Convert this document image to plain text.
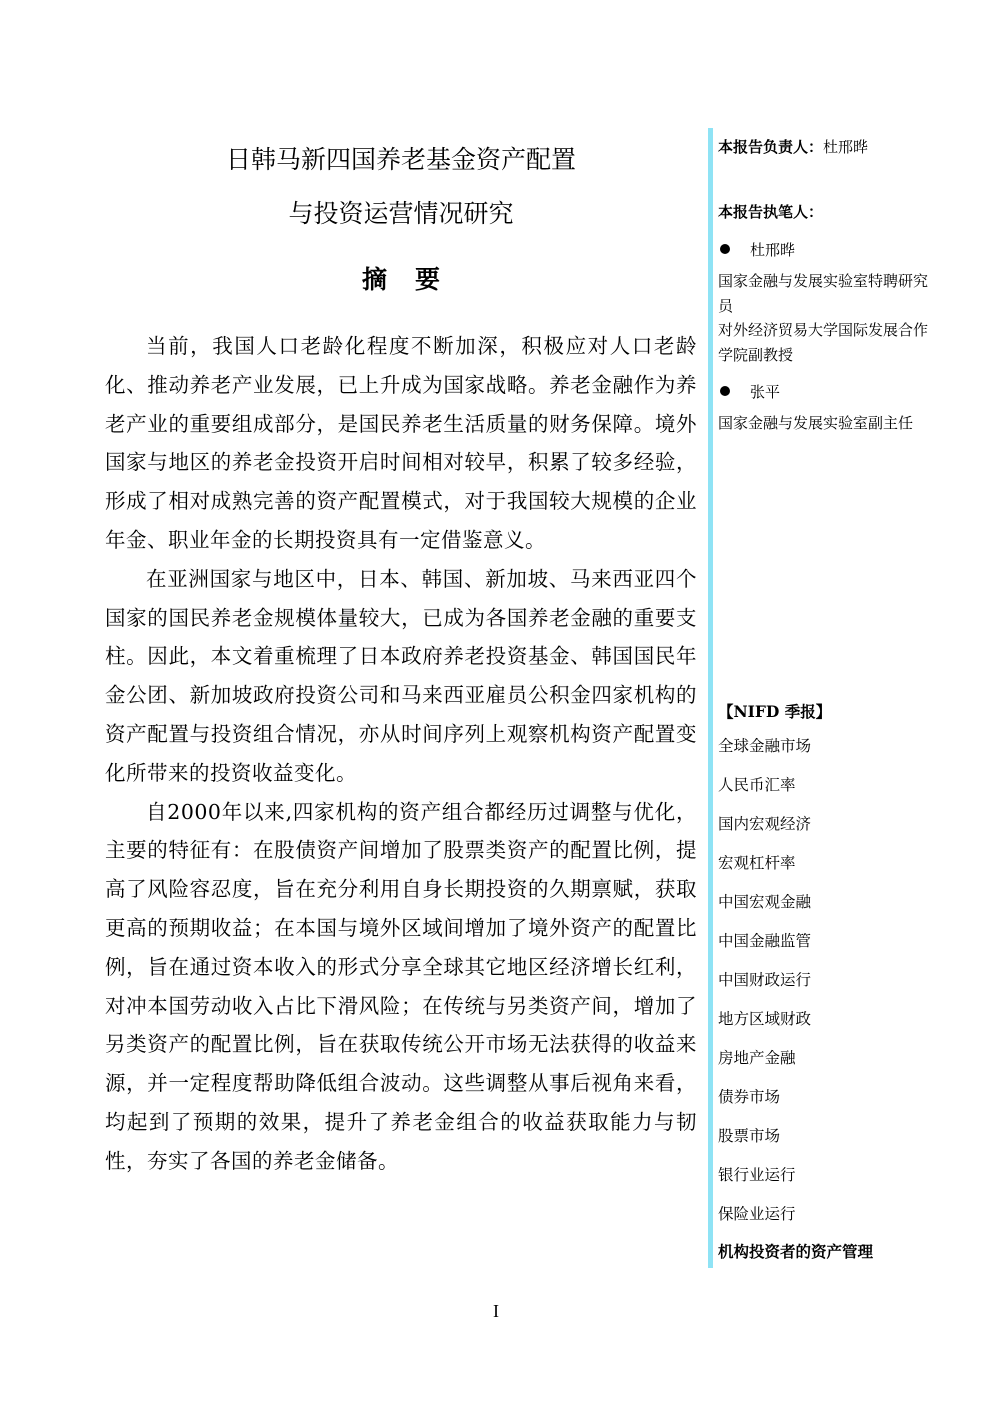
日韩马新四国养老基金资产配置
与投资运营情况研究
摘要

当前，我国人口老龄化程度不断加深，积极应对人口老龄化、推动养老产业发展，已上升成为国家战略。养老金融作为养老产业的重要组成部分，是国民养老生活质量的财务保障。境外国家与地区的养老金投资开启时间相对较早，积累了较多经验，形成了相对成熟完善的资产配置模式，对于我国较大规模的企业年金、职业年金的长期投资具有一定借鉴意义。

在亚洲国家与地区中，日本、韩国、新加坡、马来西亚四个国家的国民养老金规模体量较大，已成为各国养老金融的重要支柱。因此，本文着重梳理了日本政府养老投资基金、韩国国民年金公团、新加坡政府投资公司和马来西亚雇员公积金四家机构的资产配置与投资组合情况，亦从时间序列上观察机构资产配置变化所带来的投资收益变化。

自2000年以来,四家机构的资产组合都经历过调整与优化，主要的特征有：在股债资产间增加了股票类资产的配置比例，提高了风险容忍度，旨在充分利用自身长期投资的久期禀赋，获取更高的预期收益；在本国与境外区域间增加了境外资产的配置比例，旨在通过资本收入的形式分享全球其它地区经济增长红利，对冲本国劳动收入占比下滑风险；在传统与另类资产间，增加了另类资产的配置比例，旨在获取传统公开市场无法获得的收益来源，并一定程度帮助降低组合波动。这些调整从事后视角来看，均起到了预期的效果，提升了养老金组合的收益获取能力与韧性，夯实了各国的养老金储备。

本报告负责人：杜邢晔
本报告执笔人：
杜邢晔
国家金融与发展实验室特聘研究员
对外经济贸易大学国际发展合作学院副教授
张平
国家金融与发展实验室副主任
【NIFD 季报】
全球金融市场
人民币汇率
国内宏观经济
宏观杠杆率
中国宏观金融
中国金融监管
中国财政运行
地方区域财政
房地产金融
债券市场
股票市场
银行业运行
保险业运行
机构投资者的资产管理
I
